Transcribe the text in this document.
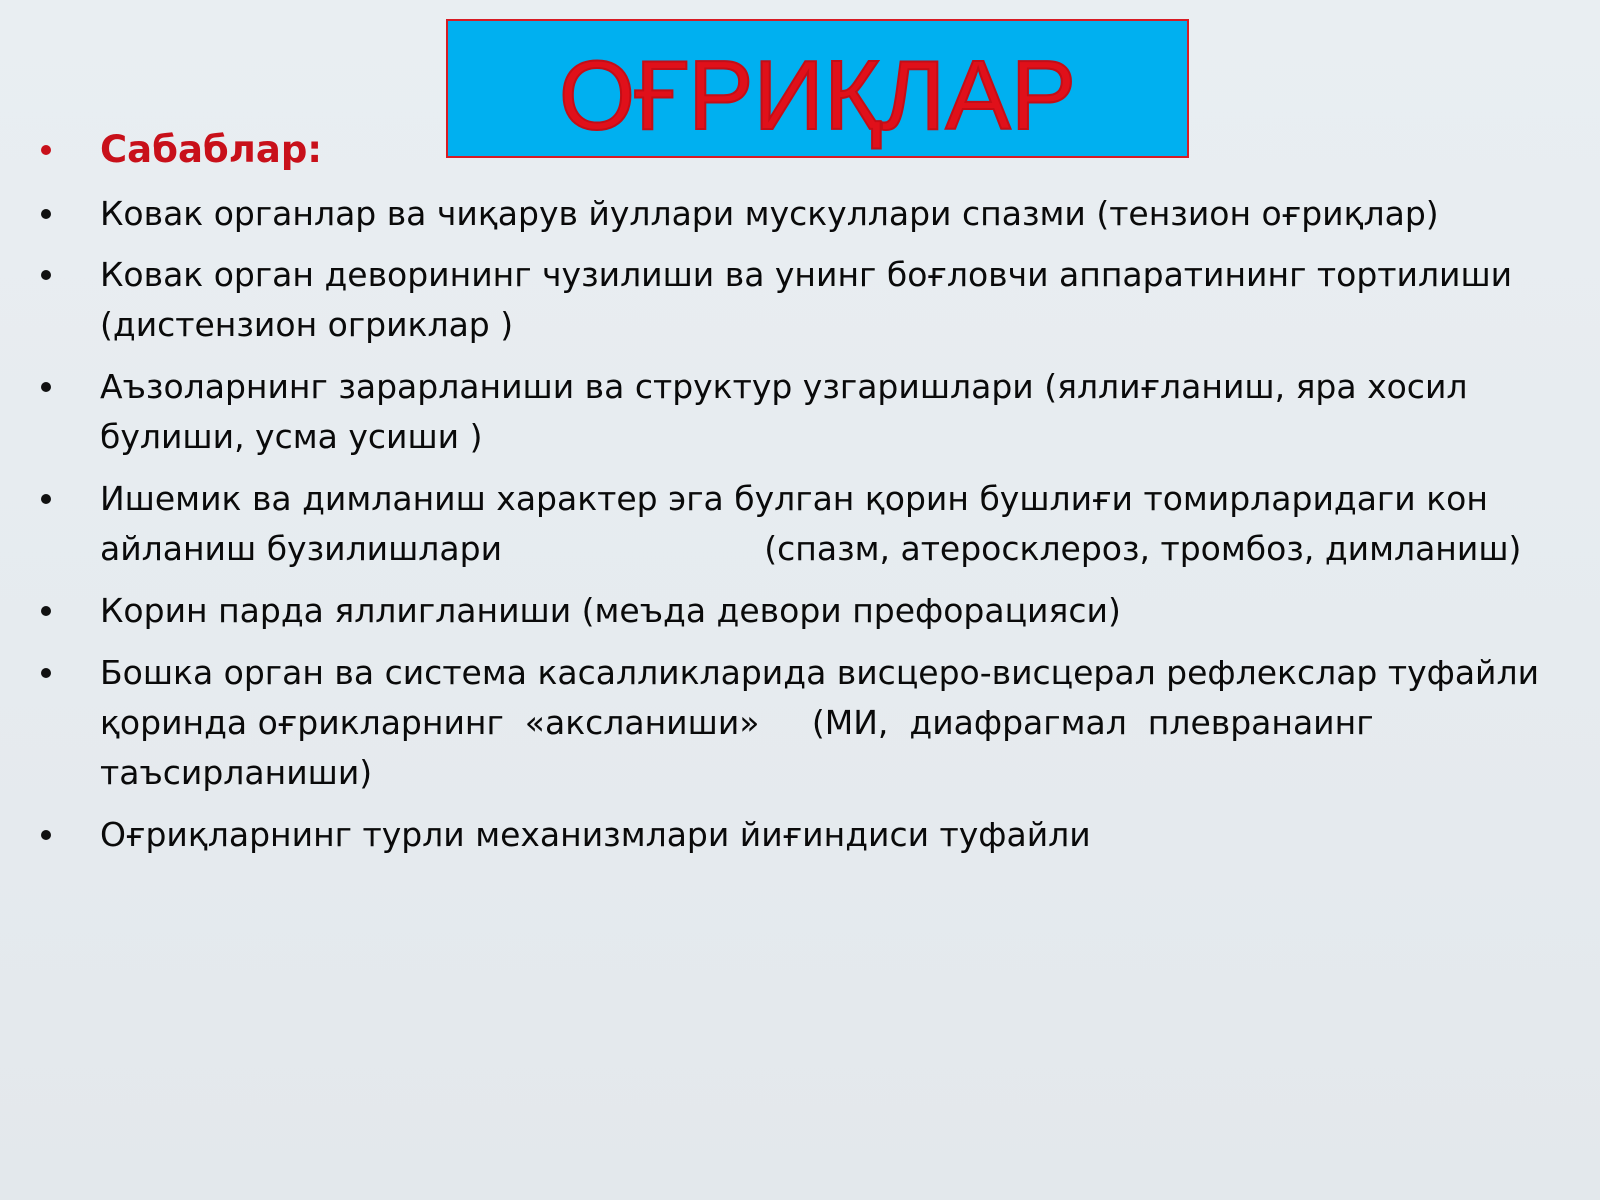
ОҒРИҚЛАР
Сабаблар:
Ковак органлар ва чиқарув йуллари мускуллари спазми (тензион оғриқлар)
Ковак орган деворининг чузилиши ва унинг боғловчи аппаратининг тортилиши
(дистензион огриклар )
Аъзоларнинг зарарланиши ва структур узгаришлари (яллиғланиш, яра хосил
булиши, усма усиши )
Ишемик ва димланиш характер эга булган қорин бушлиғи томирларидаги кон
айланиш бузилишлари                         (спазм, атеросклероз, тромбоз, димланиш)
Корин парда яллигланиши (меъда девори префорацияси)
Бошка орган ва система касалликларида висцеро-висцерал рефлекслар туфайли
қоринда оғрикларнинг  «аксланиши»     (МИ,  диафрагмал  плевранаинг
таъсирланиши)
Оғриқларнинг турли механизмлари йиғиндиси туфайли
